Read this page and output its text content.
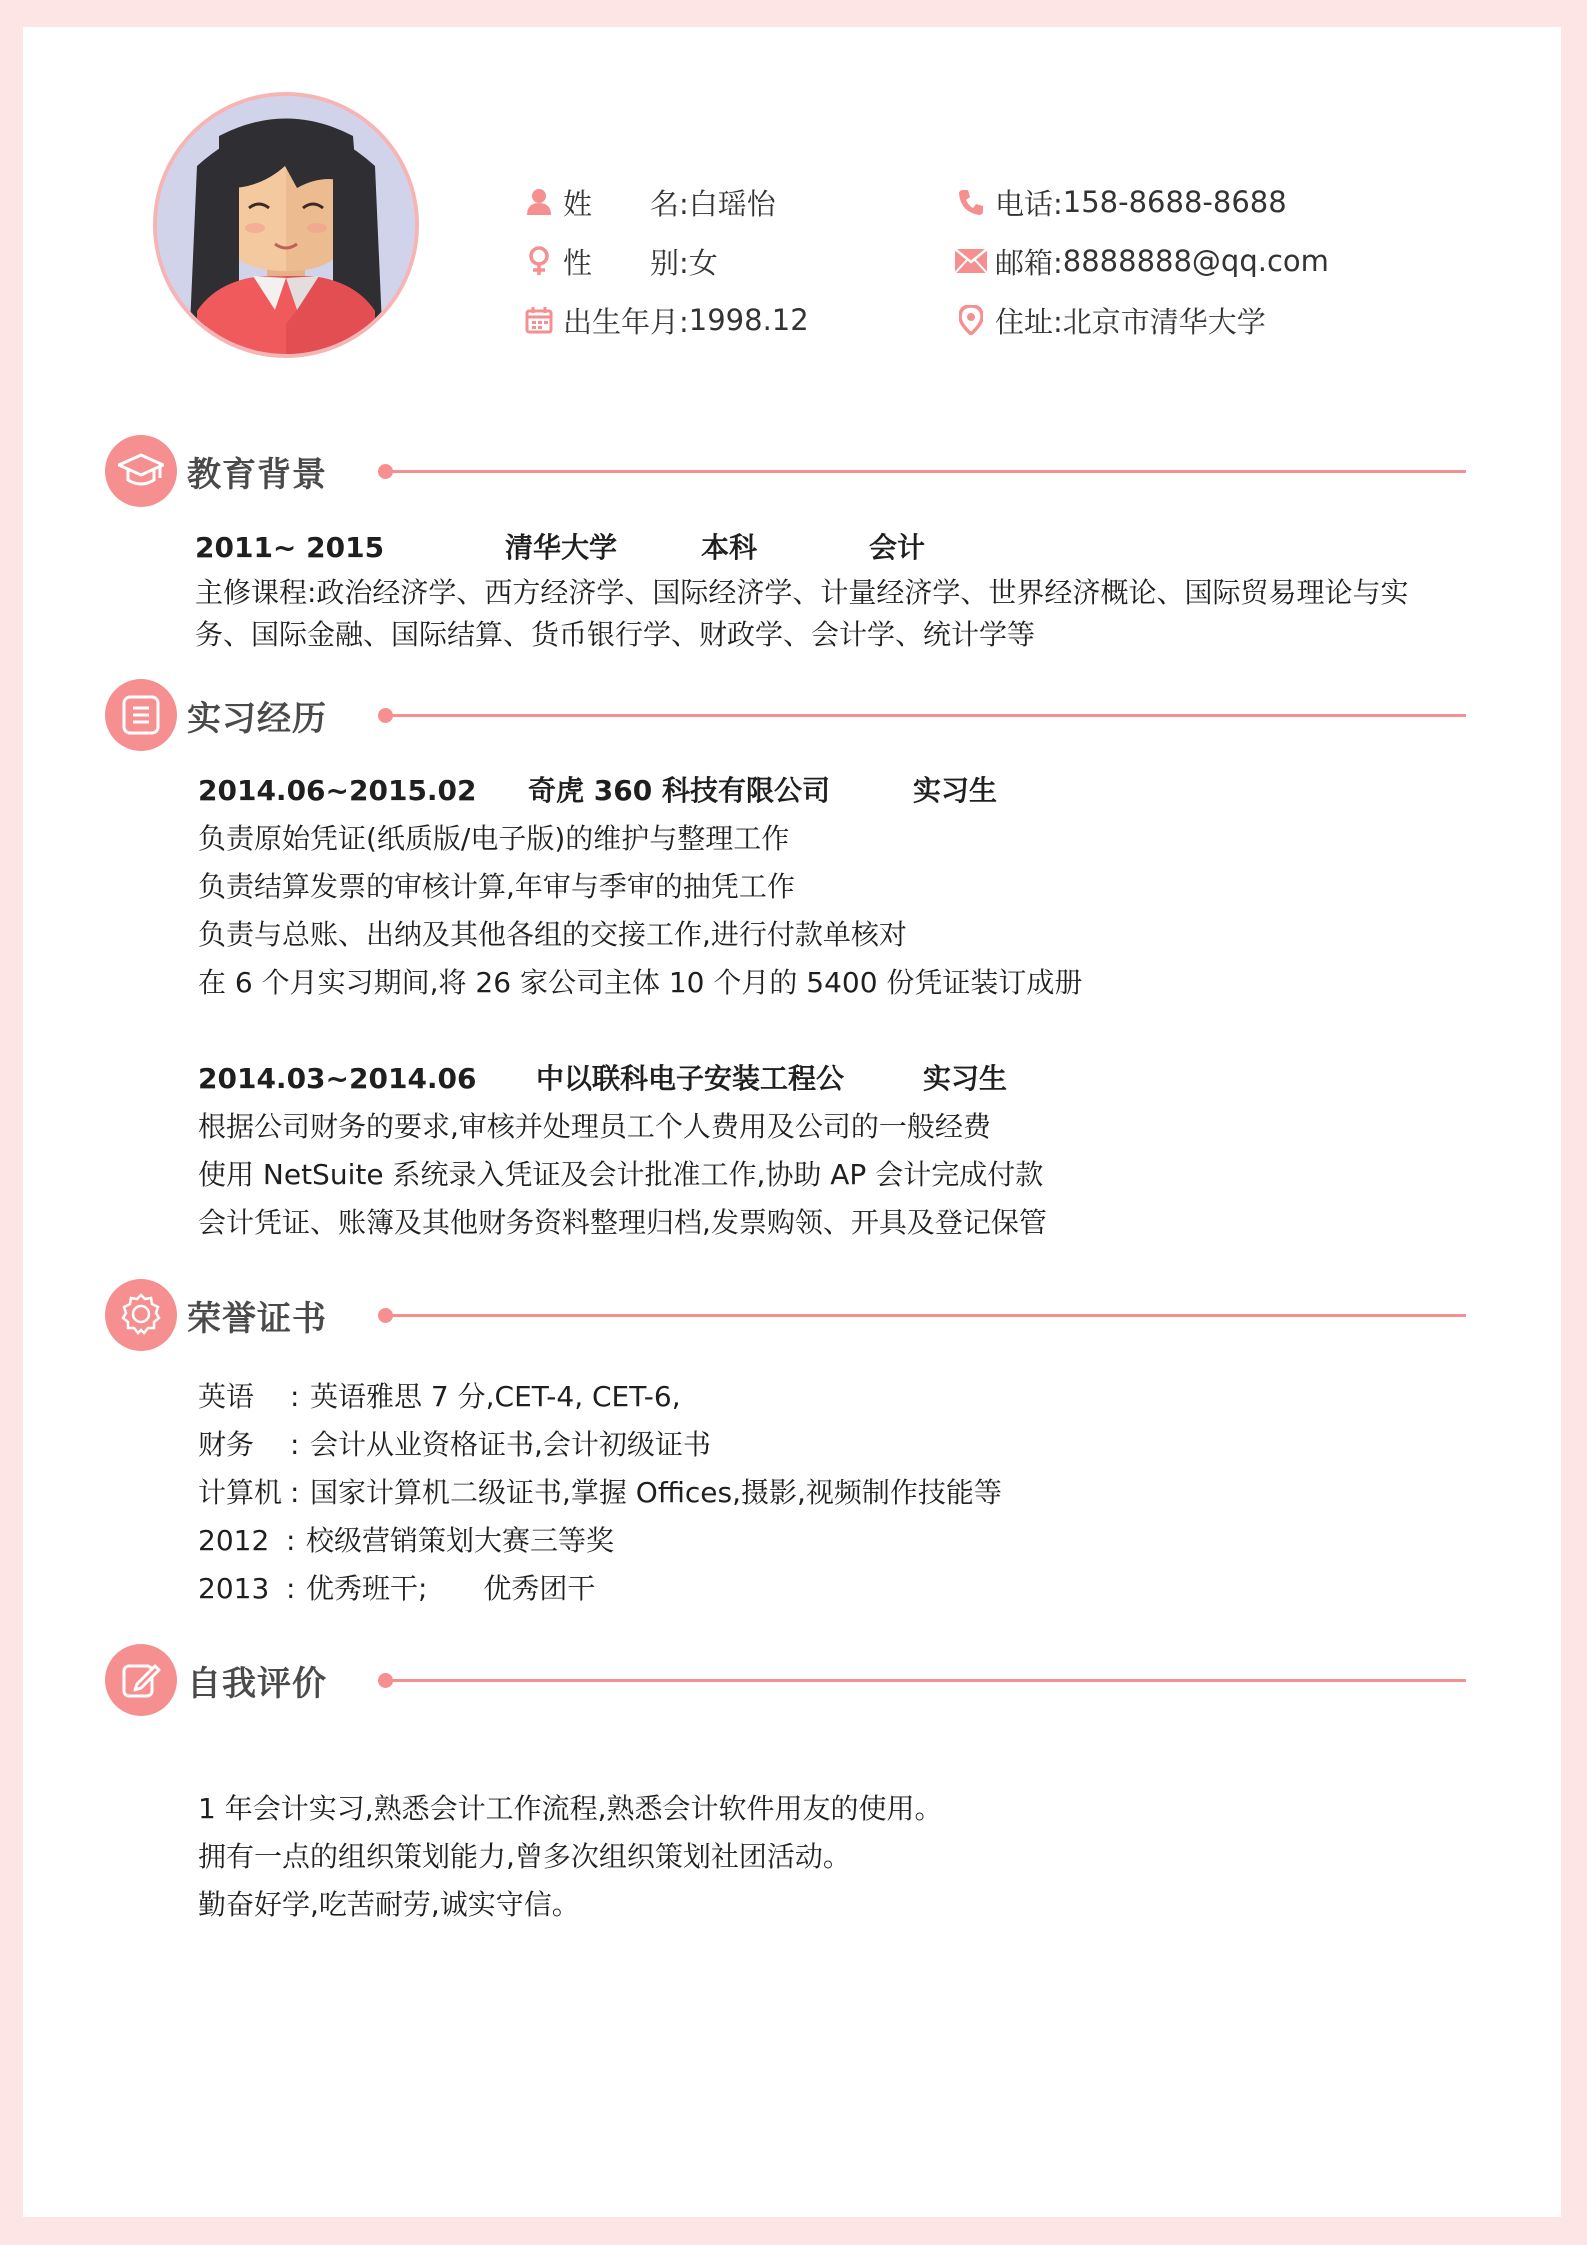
姓　　名: 白瑶怡
性　　别: 女
出生年月: 1998.12
电话: 158-8688-8688
邮箱: 8888888@qq.com
住址: 北京市清华大学
教育背景
2011~ 2015	清华大学	本科	会计
主修课程:政治经济学、西方经济学、国际经济学、计量经济学、世界经济概论、国际贸易理论与实
务、国际金融、国际结算、货币银行学、财政学、会计学、统计学等
实习经历
2014.06~2015.02	奇虎 360 科技有限公司	实习生
负责原始凭证(纸质版/电子版)的维护与整理工作
负责结算发票的审核计算,年审与季审的抽凭工作
负责与总账、出纳及其他各组的交接工作,进行付款单核对
在 6 个月实习期间,将 26 家公司主体 10 个月的 5400 份凭证装订成册
2014.03~2014.06	中以联科电子安装工程公	实习生
根据公司财务的要求,审核并处理员工个人费用及公司的一般经费
使用 NetSuite 系统录入凭证及会计批准工作,协助 AP 会计完成付款
会计凭证、账簿及其他财务资料整理归档,发票购领、开具及登记保管
荣誉证书
英语	: 英语雅思 7 分,CET-4, CET-6,
财务	: 会计从业资格证书,会计初级证书
计算机 : 国家计算机二级证书,掌握 Offices,摄影,视频制作技能等
2012 : 校级营销策划大赛三等奖
2013 : 优秀班干;　　优秀团干
自我评价
1 年会计实习,熟悉会计工作流程,熟悉会计软件用友的使用。
拥有一点的组织策划能力,曾多次组织策划社团活动。
勤奋好学,吃苦耐劳,诚实守信。
